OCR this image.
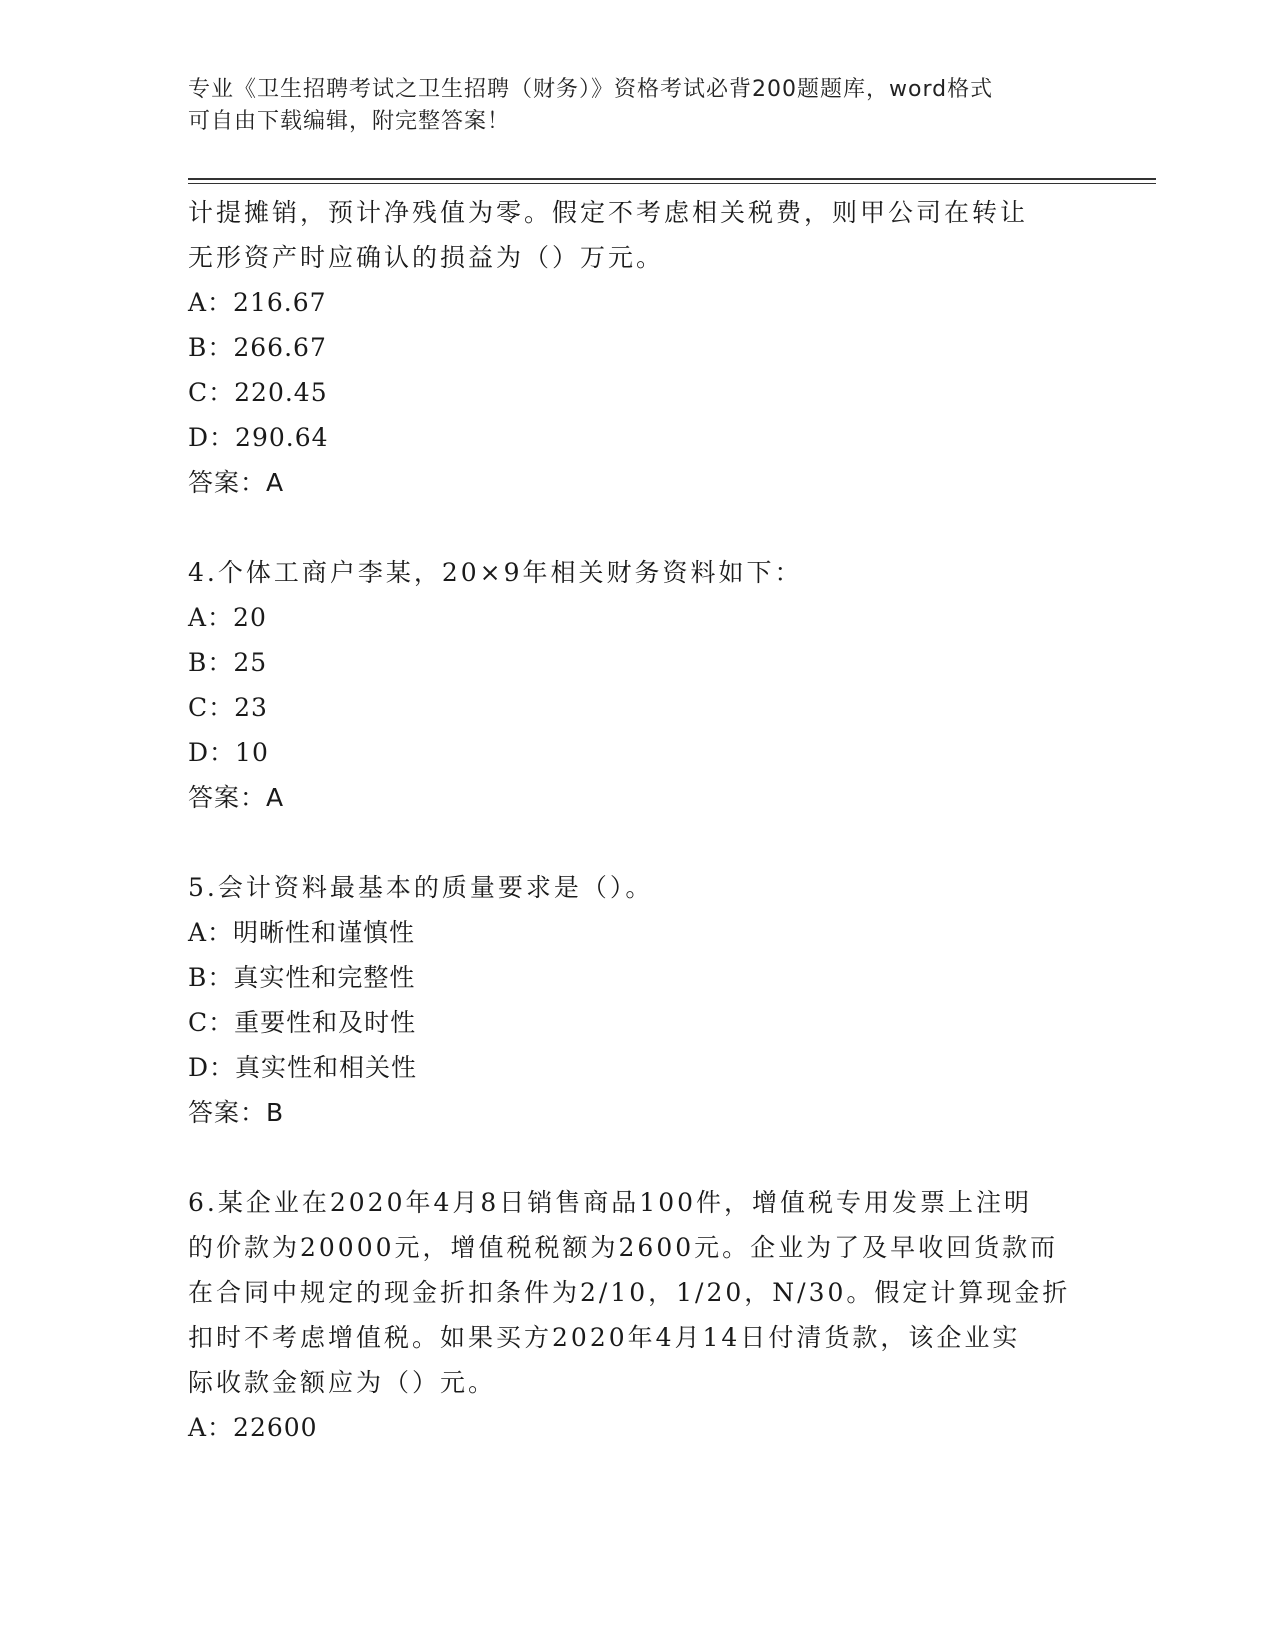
专业《卫生招聘考试之卫生招聘（财务）》资格考试必背200题题库，word格式
可自由下载编辑，附完整答案！
计提摊销，预计净残值为零。假定不考虑相关税费，则甲公司在转让
无形资产时应确认的损益为（）万元。
A：216.67
B：266.67
C：220.45
D：290.64
答案：A
4.个体工商户李某，20×9年相关财务资料如下：
A：20
B：25
C：23
D：10
答案：A
5.会计资料最基本的质量要求是（）。
A：明晰性和谨慎性
B：真实性和完整性
C：重要性和及时性
D：真实性和相关性
答案：B
6.某企业在2020年4月8日销售商品100件，增值税专用发票上注明
的价款为20000元，增值税税额为2600元。企业为了及早收回货款而
在合同中规定的现金折扣条件为2/10，1/20，N/30。假定计算现金折
扣时不考虑增值税。如果买方2020年4月14日付清货款，该企业实
际收款金额应为（）元。
A：22600
